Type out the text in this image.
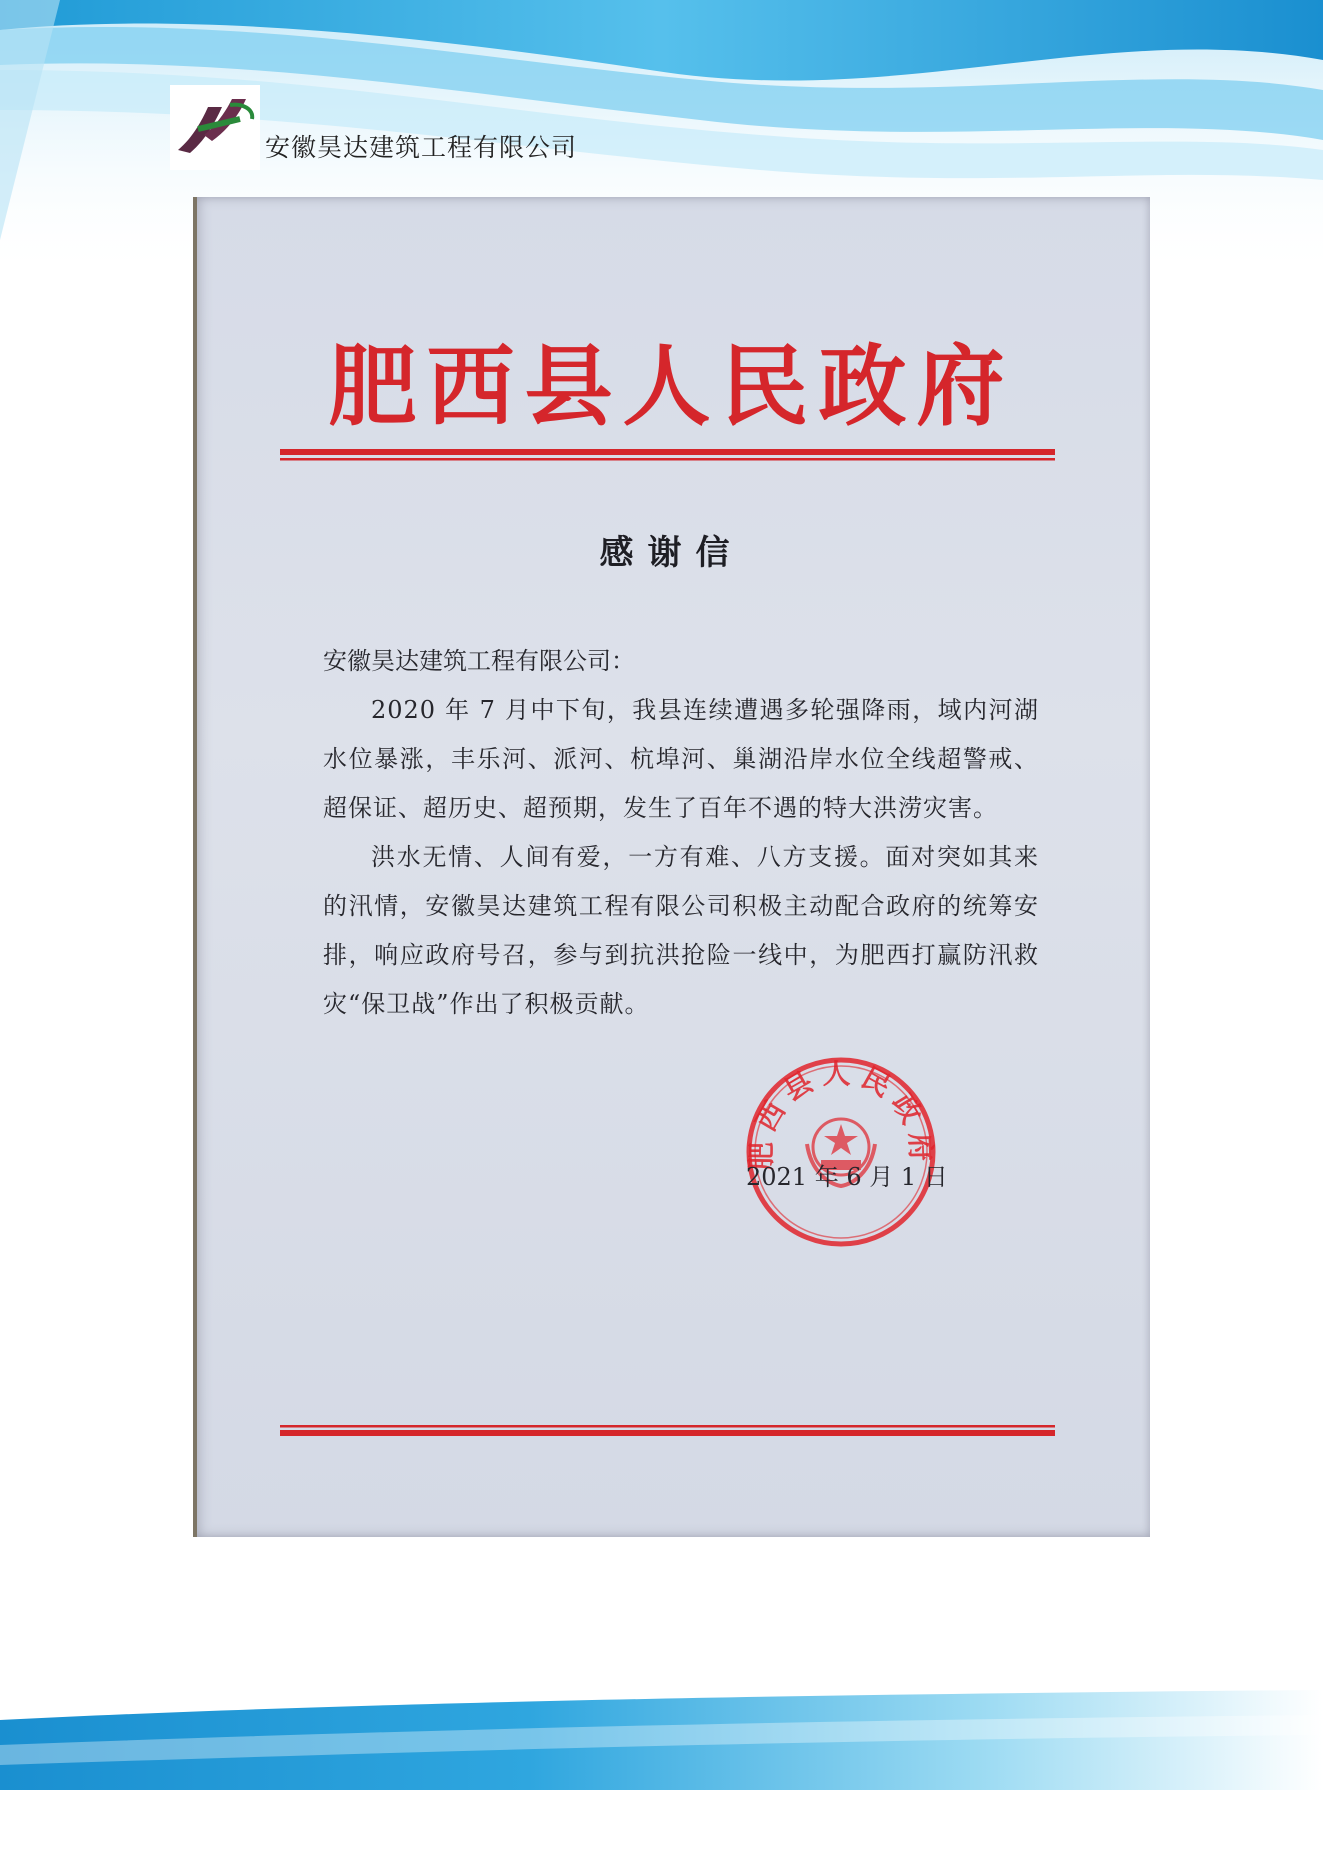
安徽昊达建筑工程有限公司
肥西县人民政府
感谢信

安徽昊达建筑工程有限公司：

2020 年 7 月中下旬，我县连续遭遇多轮强降雨，域内河湖水位暴涨，丰乐河、派河、杭埠河、巢湖沿岸水位全线超警戒、超保证、超历史、超预期，发生了百年不遇的特大洪涝灾害。

洪水无情、人间有爱，一方有难、八方支援。面对突如其来的汛情，安徽昊达建筑工程有限公司积极主动配合政府的统筹安排，响应政府号召，参与到抗洪抢险一线中，为肥西打赢防汛救灾“保卫战”作出了积极贡献。

肥西县人民政府
2021 年 6 月 1 日
